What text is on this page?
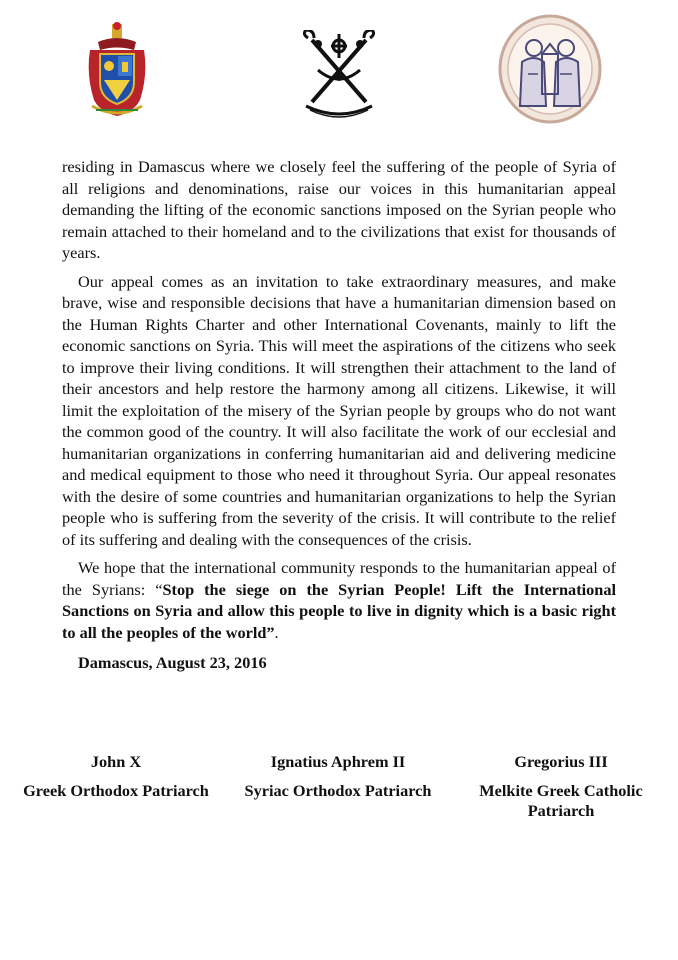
residing in Damascus where we closely feel the suffering of the people of Syria of all religions and denominations, raise our voices in this humanitarian appeal demanding the lifting of the economic sanctions imposed on the Syrian people who remain attached to their homeland and to the civilizations that exist for thousands of years.

Our appeal comes as an invitation to take extraordinary measures, and make brave, wise and responsible decisions that have a humanitarian dimension based on the Human Rights Charter and other International Covenants, mainly to lift the economic sanctions on Syria. This will meet the aspirations of the citizens who seek to improve their living conditions. It will strengthen their attachment to the land of their ancestors and help restore the harmony among all citizens. Likewise, it will limit the exploitation of the misery of the Syrian people by groups who do not want the common good of the country. It will also facilitate the work of our ecclesial and humanitarian organizations in conferring humanitarian aid and delivering medicine and medical equipment to those who need it throughout Syria. Our appeal resonates with the desire of some countries and humanitarian organizations to help the Syrian people who is suffering from the severity of the crisis. It will contribute to the relief of its suffering and dealing with the consequences of the crisis.

We hope that the international community responds to the humanitarian appeal of the Syrians: “Stop the siege on the Syrian People! Lift the International Sanctions on Syria and allow this people to live in dignity which is a basic right to all the peoples of the world”.

Damascus, August 23, 2016
John X
Greek Orthodox Patriarch
Ignatius Aphrem II
Syriac Orthodox Patriarch
Gregorius III
Melkite Greek Catholic Patriarch
